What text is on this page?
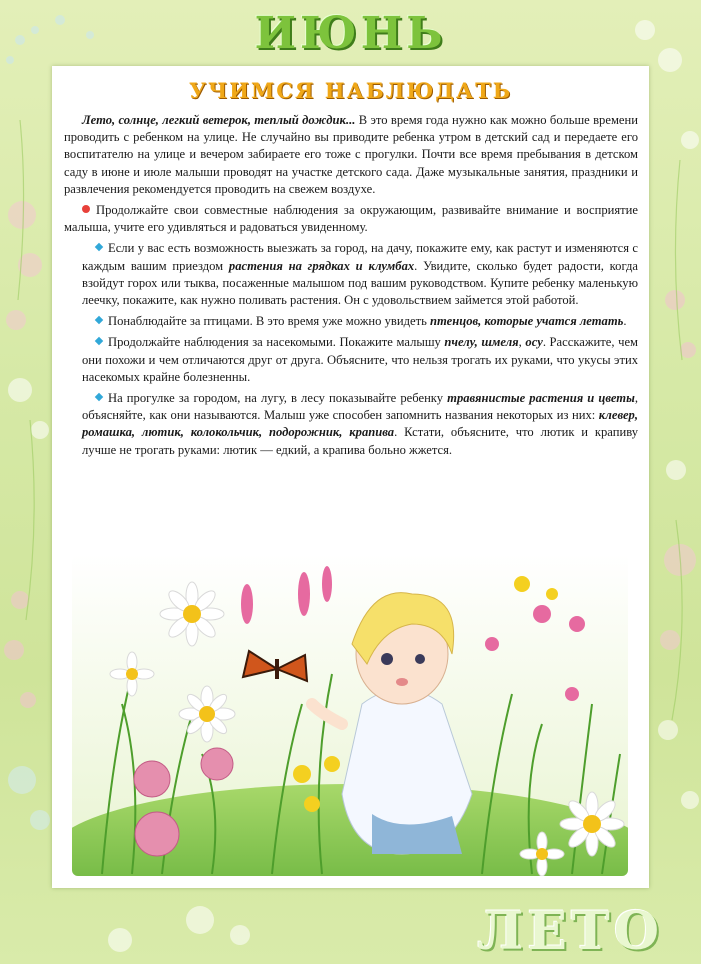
ИЮНЬ
УЧИМСЯ НАБЛЮДАТЬ

Лето, солнце, легкий ветерок, теплый дождик... В это время года нужно как можно больше времени проводить с ребенком на улице. Не случайно вы приводите ребенка утром в детский сад и передаете его воспитателю на улице и вечером забираете его тоже с прогулки. Почти все время пребывания в детском саду в июне и июле малыши проводят на участке детского сада. Даже музыкальные занятия, праздники и развлечения рекомендуется проводить на свежем воздухе.

Продолжайте свои совместные наблюдения за окружающим, развивайте внимание и восприятие малыша, учите его удивляться и радоваться увиденному.

Если у вас есть возможность выезжать за город, на дачу, покажите ему, как растут и изменяются с каждым вашим приездом растения на грядках и клумбах. Увидите, сколько будет радости, когда взойдут горох или тыква, посаженные малышом под вашим руководством. Купите ребенку маленькую леечку, покажите, как нужно поливать растения. Он с удовольствием займется этой работой.

Понаблюдайте за птицами. В это время уже можно увидеть птенцов, которые учатся летать.

Продолжайте наблюдения за насекомыми. Покажите малышу пчелу, шмеля, осу. Расскажите, чем они похожи и чем отличаются друг от друга. Объясните, что нельзя трогать их руками, что укусы этих насекомых крайне болезненны.

На прогулке за городом, на лугу, в лесу показывайте ребенку травянистые растения и цветы, объясняйте, как они называются. Малыш уже способен запомнить названия некоторых из них: клевер, ромашка, лютик, колокольчик, подорожник, крапива. Кстати, объясните, что лютик и крапиву лучше не трогать руками: лютик — едкий, а крапива больно жжется.

ЛЕТО
